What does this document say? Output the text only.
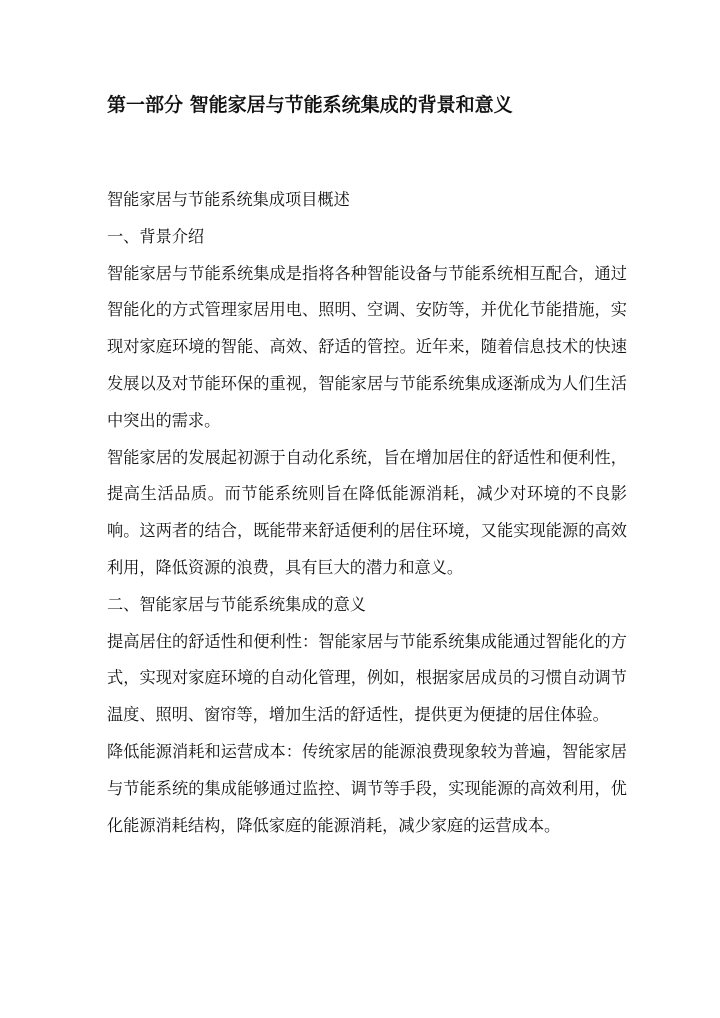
第一部分 智能家居与节能系统集成的背景和意义

智能家居与节能系统集成项目概述

一、背景介绍

智能家居与节能系统集成是指将各种智能设备与节能系统相互配合，通过智能化的方式管理家居用电、照明、空调、安防等，并优化节能措施，实现对家庭环境的智能、高效、舒适的管控。近年来，随着信息技术的快速发展以及对节能环保的重视，智能家居与节能系统集成逐渐成为人们生活中突出的需求。

智能家居的发展起初源于自动化系统，旨在增加居住的舒适性和便利性，提高生活品质。而节能系统则旨在降低能源消耗，减少对环境的不良影响。这两者的结合，既能带来舒适便利的居住环境，又能实现能源的高效利用，降低资源的浪费，具有巨大的潜力和意义。

二、智能家居与节能系统集成的意义

提高居住的舒适性和便利性：智能家居与节能系统集成能通过智能化的方式，实现对家庭环境的自动化管理，例如，根据家居成员的习惯自动调节温度、照明、窗帘等，增加生活的舒适性，提供更为便捷的居住体验。

降低能源消耗和运营成本：传统家居的能源浪费现象较为普遍，智能家居与节能系统的集成能够通过监控、调节等手段，实现能源的高效利用，优化能源消耗结构，降低家庭的能源消耗，减少家庭的运营成本。
